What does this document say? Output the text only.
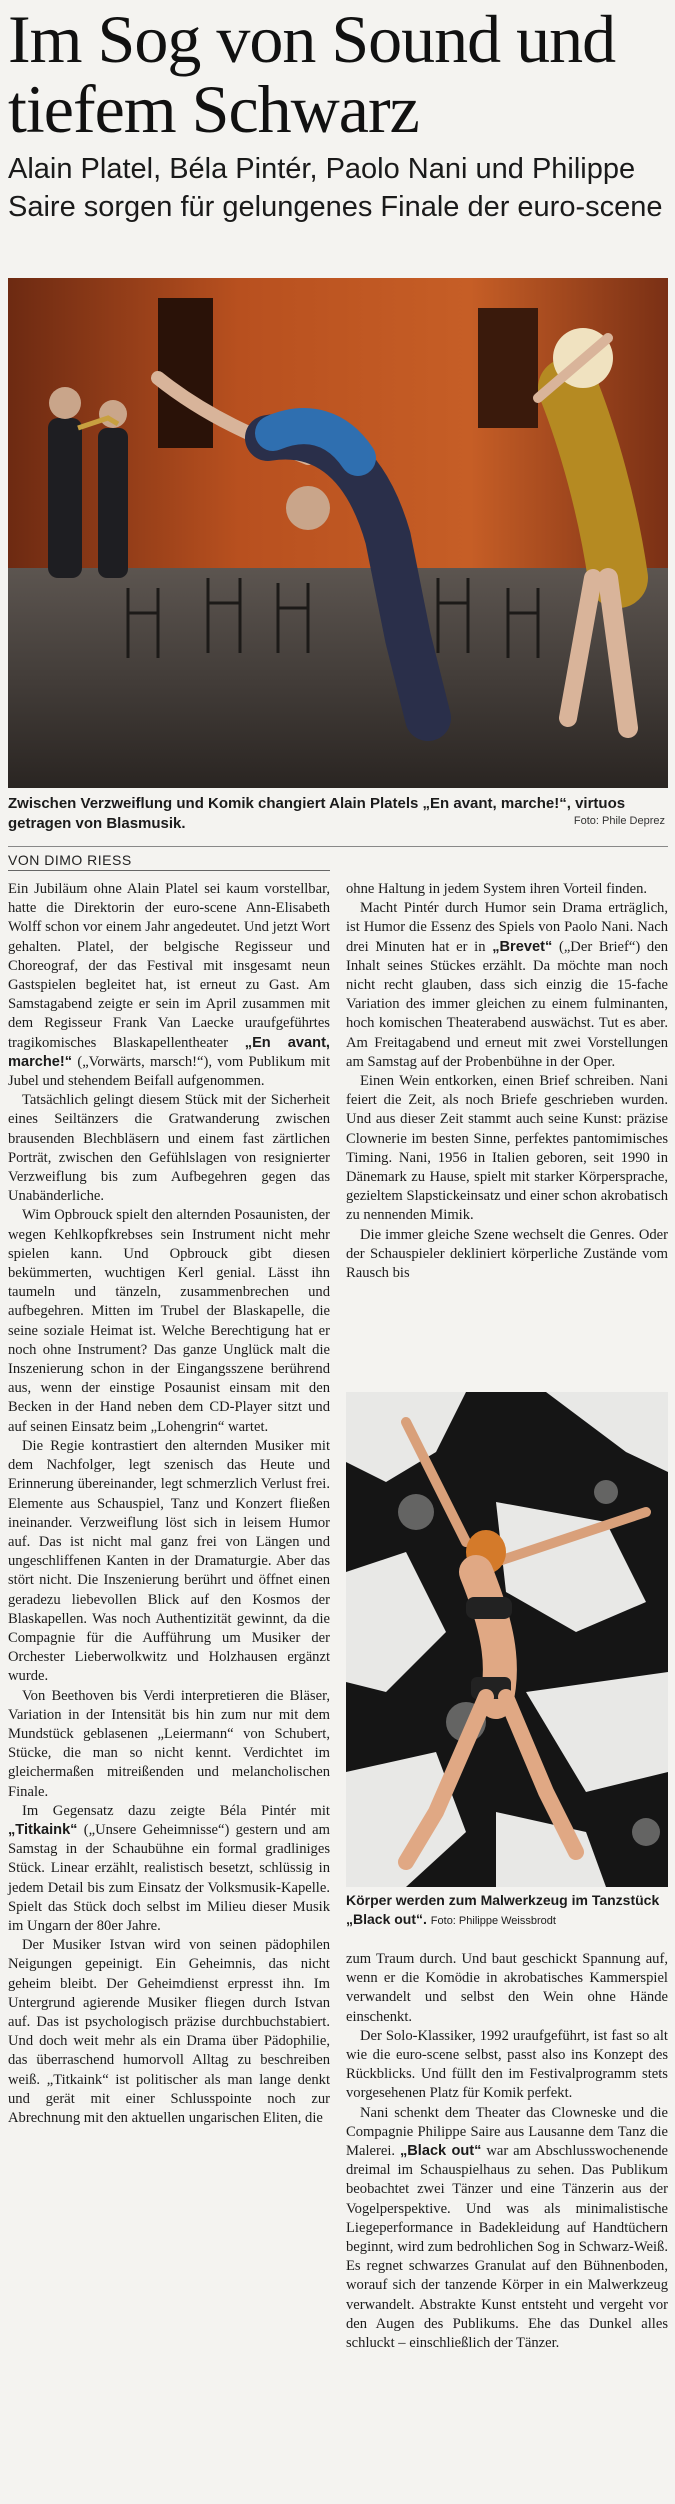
Im Sog von Sound und tiefem Schwarz

Alain Platel, Béla Pintér, Paolo Nani und Philippe Saire sorgen für gelungenes Finale der euro-scene

Zwischen Verzweiflung und Komik changiert Alain Platels „En avant, marche!“, virtuos getragen von Blasmusik.	Foto: Phile Deprez
VON DIMO RIESS

Ein Jubiläum ohne Alain Platel sei kaum vorstellbar, hatte die Direktorin der euro-scene Ann-Elisabeth Wolff schon vor einem Jahr angedeutet. Und jetzt Wort gehalten. Platel, der belgische Regisseur und Choreograf, der das Festival mit insgesamt neun Gastspielen begleitet hat, ist erneut zu Gast. Am Samstagabend zeigte er sein im April zusammen mit dem Regisseur Frank Van Laecke uraufgeführtes tragikomisches Blaskapellentheater „En avant, marche!“ („Vorwärts, marsch!“), vom Publikum mit Jubel und stehendem Beifall aufgenommen.

Tatsächlich gelingt diesem Stück mit der Sicherheit eines Seiltänzers die Gratwanderung zwischen brausenden Blechbläsern und einem fast zärtlichen Porträt, zwischen den Gefühlslagen von resignierter Verzweiflung bis zum Aufbegehren gegen das Unabänderliche.

Wim Opbrouck spielt den alternden Posaunisten, der wegen Kehlkopfkrebses sein Instrument nicht mehr spielen kann. Und Opbrouck gibt diesen bekümmerten, wuchtigen Kerl genial. Lässt ihn taumeln und tänzeln, zusammenbrechen und aufbegehren. Mitten im Trubel der Blaskapelle, die seine soziale Heimat ist. Welche Berechtigung hat er noch ohne Instrument? Das ganze Unglück malt die Inszenierung schon in der Eingangsszene berührend aus, wenn der einstige Posaunist einsam mit den Becken in der Hand neben dem CD-Player sitzt und auf seinen Einsatz beim „Lohengrin“ wartet.

Die Regie kontrastiert den alternden Musiker mit dem Nachfolger, legt szenisch das Heute und Erinnerung übereinander, legt schmerzlich Verlust frei. Elemente aus Schauspiel, Tanz und Konzert fließen ineinander. Verzweiflung löst sich in leisem Humor auf. Das ist nicht mal ganz frei von Längen und ungeschliffenen Kanten in der Dramaturgie. Aber das stört nicht. Die Inszenierung berührt und öffnet einen geradezu liebevollen Blick auf den Kosmos der Blaskapellen. Was noch Authentizität gewinnt, da die Compagnie für die Aufführung um Musiker der Orchester Lieberwolkwitz und Holzhausen ergänzt wurde.

Von Beethoven bis Verdi interpretieren die Bläser, Variation in der Intensität bis hin zum nur mit dem Mundstück geblasenen „Leiermann“ von Schubert, Stücke, die man so nicht kennt. Verdichtet im gleichermaßen mitreißenden und melancholischen Finale.

Im Gegensatz dazu zeigte Béla Pintér mit „Titkaink“ („Unsere Geheimnisse“) gestern und am Samstag in der Schaubühne ein formal gradliniges Stück. Linear erzählt, realistisch besetzt, schlüssig in jedem Detail bis zum Einsatz der Volksmusik-Kapelle. Spielt das Stück doch selbst im Milieu dieser Musik im Ungarn der 80er Jahre.

Der Musiker Istvan wird von seinen pädophilen Neigungen gepeinigt. Ein Geheimnis, das nicht geheim bleibt. Der Geheimdienst erpresst ihn. Im Untergrund agierende Musiker fliegen durch Istvan auf. Das ist psychologisch präzise durchbuchstabiert. Und doch weit mehr als ein Drama über Pädophilie, das überraschend humorvoll Alltag zu beschreiben weiß. „Titkaink“ ist politischer als man lange denkt und gerät mit einer Schlusspointe noch zur Abrechnung mit den aktuellen ungarischen Eliten, die

ohne Haltung in jedem System ihren Vorteil finden.

Macht Pintér durch Humor sein Drama erträglich, ist Humor die Essenz des Spiels von Paolo Nani. Nach drei Minuten hat er in „Brevet“ („Der Brief“) den Inhalt seines Stückes erzählt. Da möchte man noch nicht recht glauben, dass sich einzig die 15-fache Variation des immer gleichen zu einem fulminanten, hoch komischen Theaterabend auswächst. Tut es aber. Am Freitagabend und erneut mit zwei Vorstellungen am Samstag auf der Probenbühne in der Oper.

Einen Wein entkorken, einen Brief schreiben. Nani feiert die Zeit, als noch Briefe geschrieben wurden. Und aus dieser Zeit stammt auch seine Kunst: präzise Clownerie im besten Sinne, perfektes pantomimisches Timing. Nani, 1956 in Italien geboren, seit 1990 in Dänemark zu Hause, spielt mit starker Körpersprache, gezieltem Slapstickeinsatz und einer schon akrobatisch zu nennenden Mimik.

Die immer gleiche Szene wechselt die Genres. Oder der Schauspieler dekliniert körperliche Zustände vom Rausch bis

Körper werden zum Malwerkzeug im Tanzstück „Black out“. Foto: Philippe Weissbrodt

zum Traum durch. Und baut geschickt Spannung auf, wenn er die Komödie in akrobatisches Kammerspiel verwandelt und selbst den Wein ohne Hände einschenkt.

Der Solo-Klassiker, 1992 uraufgeführt, ist fast so alt wie die euro-scene selbst, passt also ins Konzept des Rückblicks. Und füllt den im Festivalprogramm stets vorgesehenen Platz für Komik perfekt.

Nani schenkt dem Theater das Clowneske und die Compagnie Philippe Saire aus Lausanne dem Tanz die Malerei. „Black out“ war am Abschlusswochenende dreimal im Schauspielhaus zu sehen. Das Publikum beobachtet zwei Tänzer und eine Tänzerin aus der Vogelperspektive. Und was als minimalistische Liegeperformance in Badekleidung auf Handtüchern beginnt, wird zum bedrohlichen Sog in Schwarz-Weiß. Es regnet schwarzes Granulat auf den Bühnenboden, worauf sich der tanzende Körper in ein Malwerkzeug verwandelt. Abstrakte Kunst entsteht und vergeht vor den Augen des Publikums. Ehe das Dunkel alles schluckt – einschließlich der Tänzer.
